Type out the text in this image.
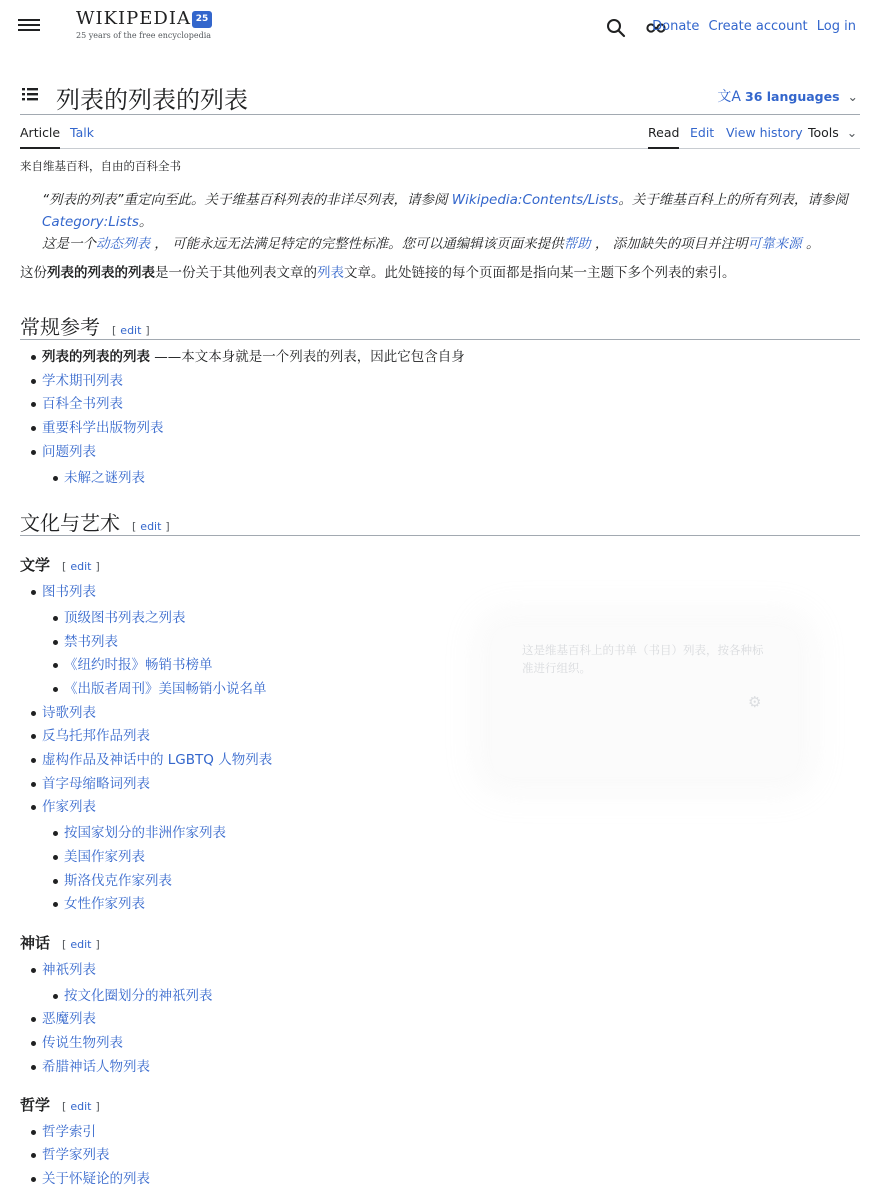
WIKIPEDIA 25
25 years of the free encyclopedia
Donate Create account Log in
列表的列表的列表	文A 36 languages ⌄
Article Talk	Read Edit View history Tools ⌄
来自维基百科，自由的百科全书
“列表的列表”重定向至此。关于维基百科列表的非详尽列表，请参阅 Wikipedia:Contents/Lists。关于维基百科上的所有列表，请参阅
Category:Lists。
这是一个动态列表 ， 可能永远无法满足特定的完整性标准。您可以通编辑该页面来提供帮助 ， 添加缺失的项目并注明可靠来源 。
这份列表的列表的列表是一份关于其他列表文章的列表文章。此处链接的每个页面都是指向某一主题下多个列表的索引。
常规参考 [ edit ]
列表的列表的列表 ——本文本身就是一个列表的列表，因此它包含自身
学术期刊列表
百科全书列表
重要科学出版物列表
问题列表
未解之谜列表
文化与艺术 [ edit ]
文学 [ edit ]
图书列表
顶级图书列表之列表
禁书列表
《纽约时报》畅销书榜单
《出版者周刊》美国畅销小说名单
诗歌列表
反乌托邦作品列表
虚构作品及神话中的 LGBTQ 人物列表
首字母缩略词列表
作家列表
按国家划分的非洲作家列表
美国作家列表
斯洛伐克作家列表
女性作家列表
神话 [ edit ]
神祇列表
按文化圈划分的神祇列表
恶魔列表
传说生物列表
希腊神话人物列表
哲学 [ edit ]
哲学索引
哲学家列表
关于怀疑论的列表
这是维基百科上的书单（书目）列表，按各种标准进行组织。
⚙
